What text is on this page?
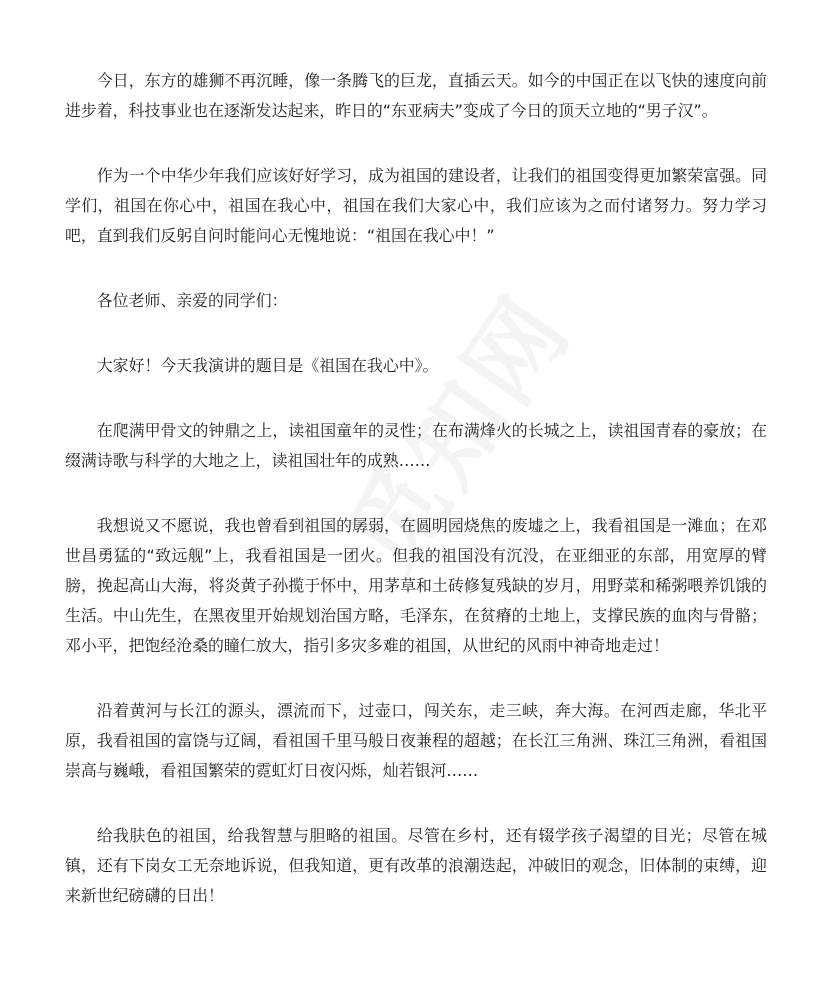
今日，东方的雄狮不再沉睡，像一条腾飞的巨龙，直插云天。如今的中国正在以飞快的速度向前进步着，科技事业也在逐渐发达起来，昨日的“东亚病夫”变成了今日的顶天立地的“男子汉”。

作为一个中华少年我们应该好好学习，成为祖国的建设者，让我们的祖国变得更加繁荣富强。同学们，祖国在你心中，祖国在我心中，祖国在我们大家心中，我们应该为之而付诸努力。努力学习吧，直到我们反躬自问时能问心无愧地说：“祖国在我心中！”

各位老师、亲爱的同学们：

大家好！今天我演讲的题目是《祖国在我心中》。

在爬满甲骨文的钟鼎之上，读祖国童年的灵性；在布满烽火的长城之上，读祖国青春的豪放；在缀满诗歌与科学的大地之上，读祖国壮年的成熟……

我想说又不愿说，我也曾看到祖国的孱弱，在圆明园烧焦的废墟之上，我看祖国是一滩血；在邓世昌勇猛的“致远舰”上，我看祖国是一团火。但我的祖国没有沉没，在亚细亚的东部，用宽厚的臂膀，挽起高山大海，将炎黄子孙揽于怀中，用茅草和土砖修复残缺的岁月，用野菜和稀粥喂养饥饿的生活。中山先生，在黑夜里开始规划治国方略，毛泽东，在贫瘠的土地上，支撑民族的血肉与骨骼；邓小平，把饱经沧桑的瞳仁放大，指引多灾多难的祖国，从世纪的风雨中神奇地走过！

沿着黄河与长江的源头，漂流而下，过壶口，闯关东，走三峡，奔大海。在河西走廊，华北平原，我看祖国的富饶与辽阔，看祖国千里马般日夜兼程的超越；在长江三角洲、珠江三角洲，看祖国崇高与巍峨，看祖国繁荣的霓虹灯日夜闪烁，灿若银河……

给我肤色的祖国，给我智慧与胆略的祖国。尽管在乡村，还有辍学孩子渴望的目光；尽管在城镇，还有下岗女工无奈地诉说，但我知道，更有改革的浪潮迭起，冲破旧的观念，旧体制的束缚，迎来新世纪磅礴的日出！
